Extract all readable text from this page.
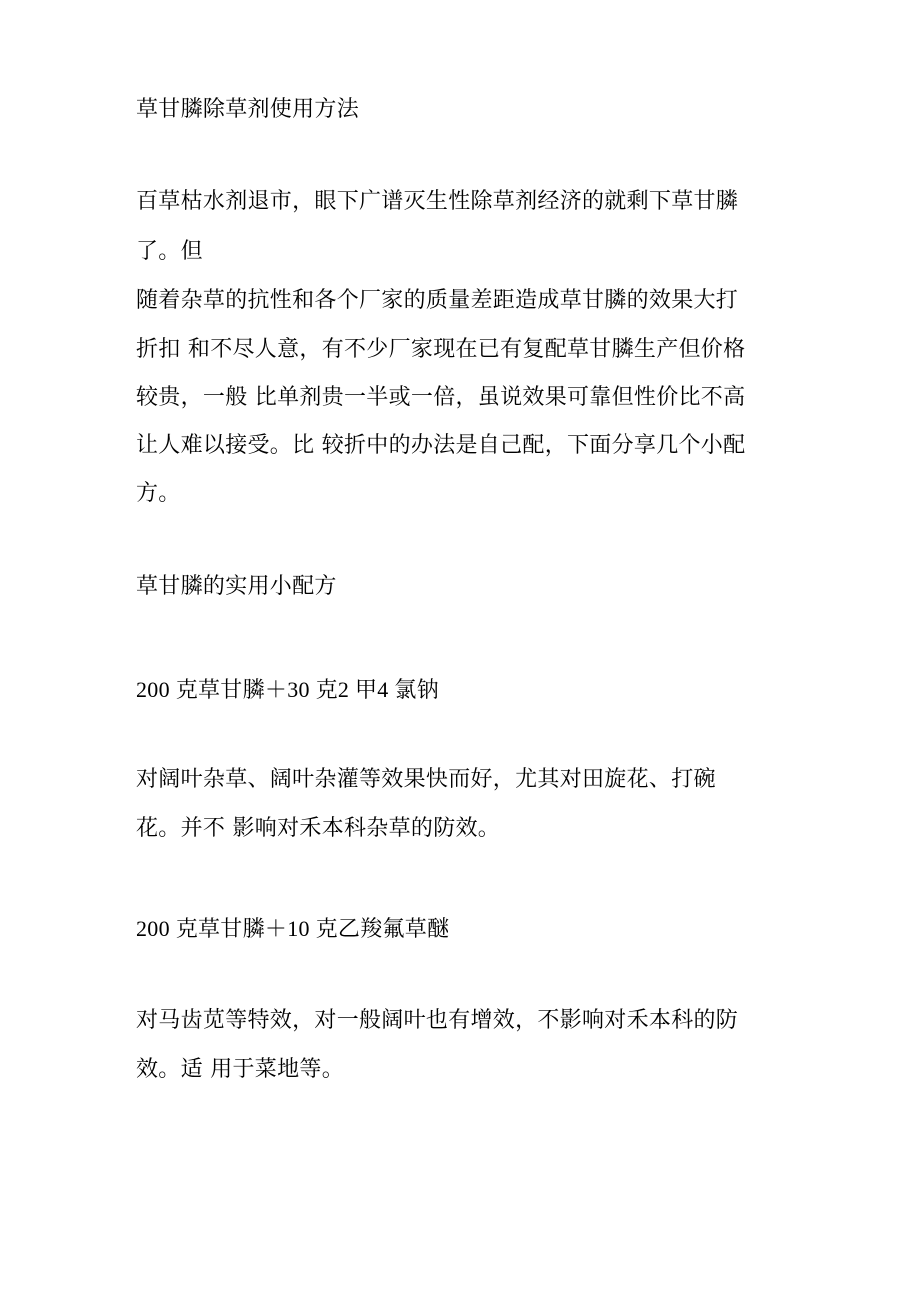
草甘膦除草剂使用方法
百草枯水剂退市，眼下广谱灭生性除草剂经济的就剩下草甘膦
了。但
随着杂草的抗性和各个厂家的质量差距造成草甘膦的效果大打
折扣 和不尽人意，有不少厂家现在已有复配草甘膦生产但价格
较贵，一般 比单剂贵一半或一倍，虽说效果可靠但性价比不高
让人难以接受。比 较折中的办法是自己配，下面分享几个小配
方。
草甘膦的实用小配方
200 克草甘膦＋30 克2 甲4 氯钠
对阔叶杂草、阔叶杂灌等效果快而好，尤其对田旋花、打碗
花。并不 影响对禾本科杂草的防效。
200 克草甘膦＋10 克乙羧氟草醚
对马齿苋等特效，对一般阔叶也有增效，不影响对禾本科的防
效。适 用于菜地等。
